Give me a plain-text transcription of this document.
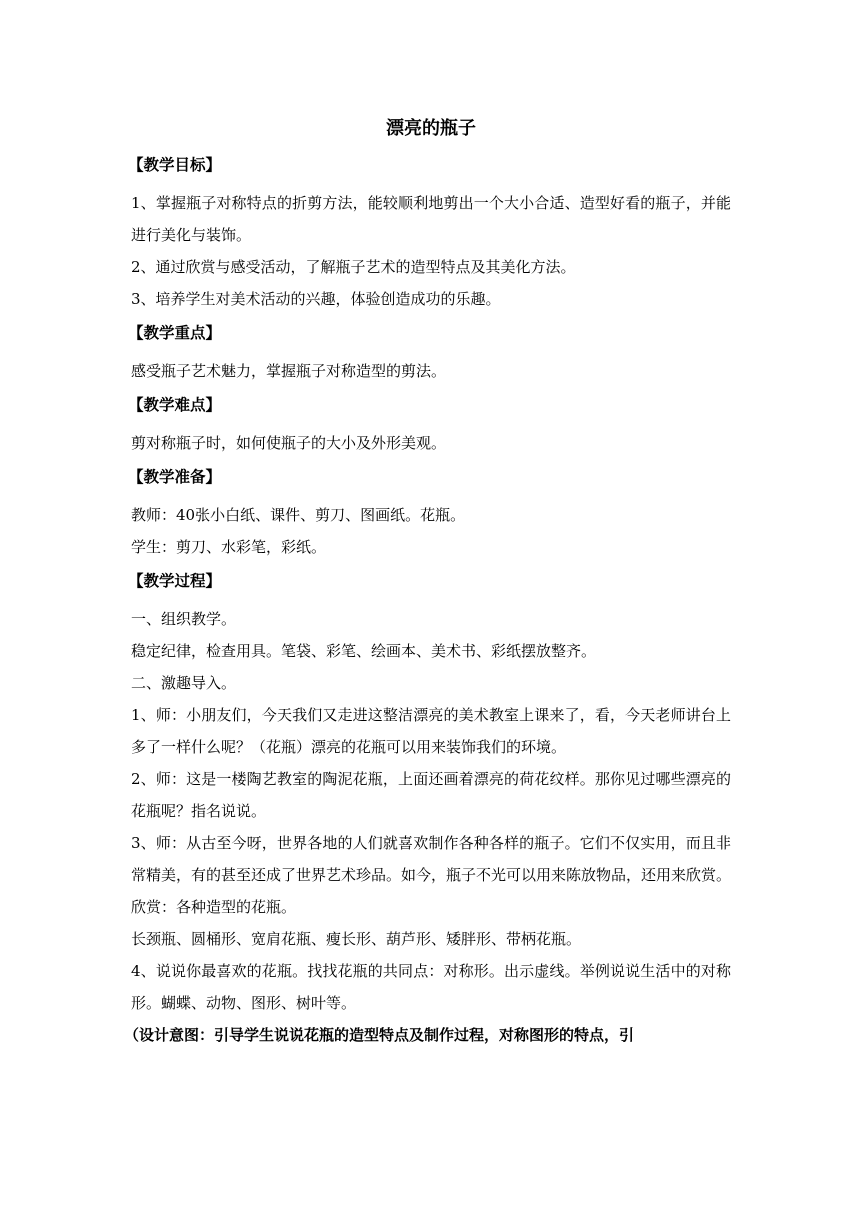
漂亮的瓶子
【教学目标】

1、掌握瓶子对称特点的折剪方法，能较顺利地剪出一个大小合适、造型好看的瓶子，并能进行美化与装饰。

2、通过欣赏与感受活动，了解瓶子艺术的造型特点及其美化方法。

3、培养学生对美术活动的兴趣，体验创造成功的乐趣。

【教学重点】

感受瓶子艺术魅力，掌握瓶子对称造型的剪法。

【教学难点】

剪对称瓶子时，如何使瓶子的大小及外形美观。

【教学准备】

教师：40张小白纸、课件、剪刀、图画纸。花瓶。

学生：剪刀、水彩笔，彩纸。

【教学过程】

一、组织教学。

稳定纪律，检查用具。笔袋、彩笔、绘画本、美术书、彩纸摆放整齐。

二、激趣导入。

1、师：小朋友们，今天我们又走进这整洁漂亮的美术教室上课来了，看，今天老师讲台上多了一样什么呢？（花瓶）漂亮的花瓶可以用来装饰我们的环境。

2、师：这是一楼陶艺教室的陶泥花瓶，上面还画着漂亮的荷花纹样。那你见过哪些漂亮的花瓶呢？指名说说。

3、师：从古至今呀，世界各地的人们就喜欢制作各种各样的瓶子。它们不仅实用，而且非常精美，有的甚至还成了世界艺术珍品。如今，瓶子不光可以用来陈放物品，还用来欣赏。

欣赏：各种造型的花瓶。

长颈瓶、圆桶形、宽肩花瓶、瘦长形、葫芦形、矮胖形、带柄花瓶。

4、说说你最喜欢的花瓶。找找花瓶的共同点：对称形。出示虚线。举例说说生活中的对称形。蝴蝶、动物、图形、树叶等。

（设计意图：引导学生说说花瓶的造型特点及制作过程，对称图形的特点，引
